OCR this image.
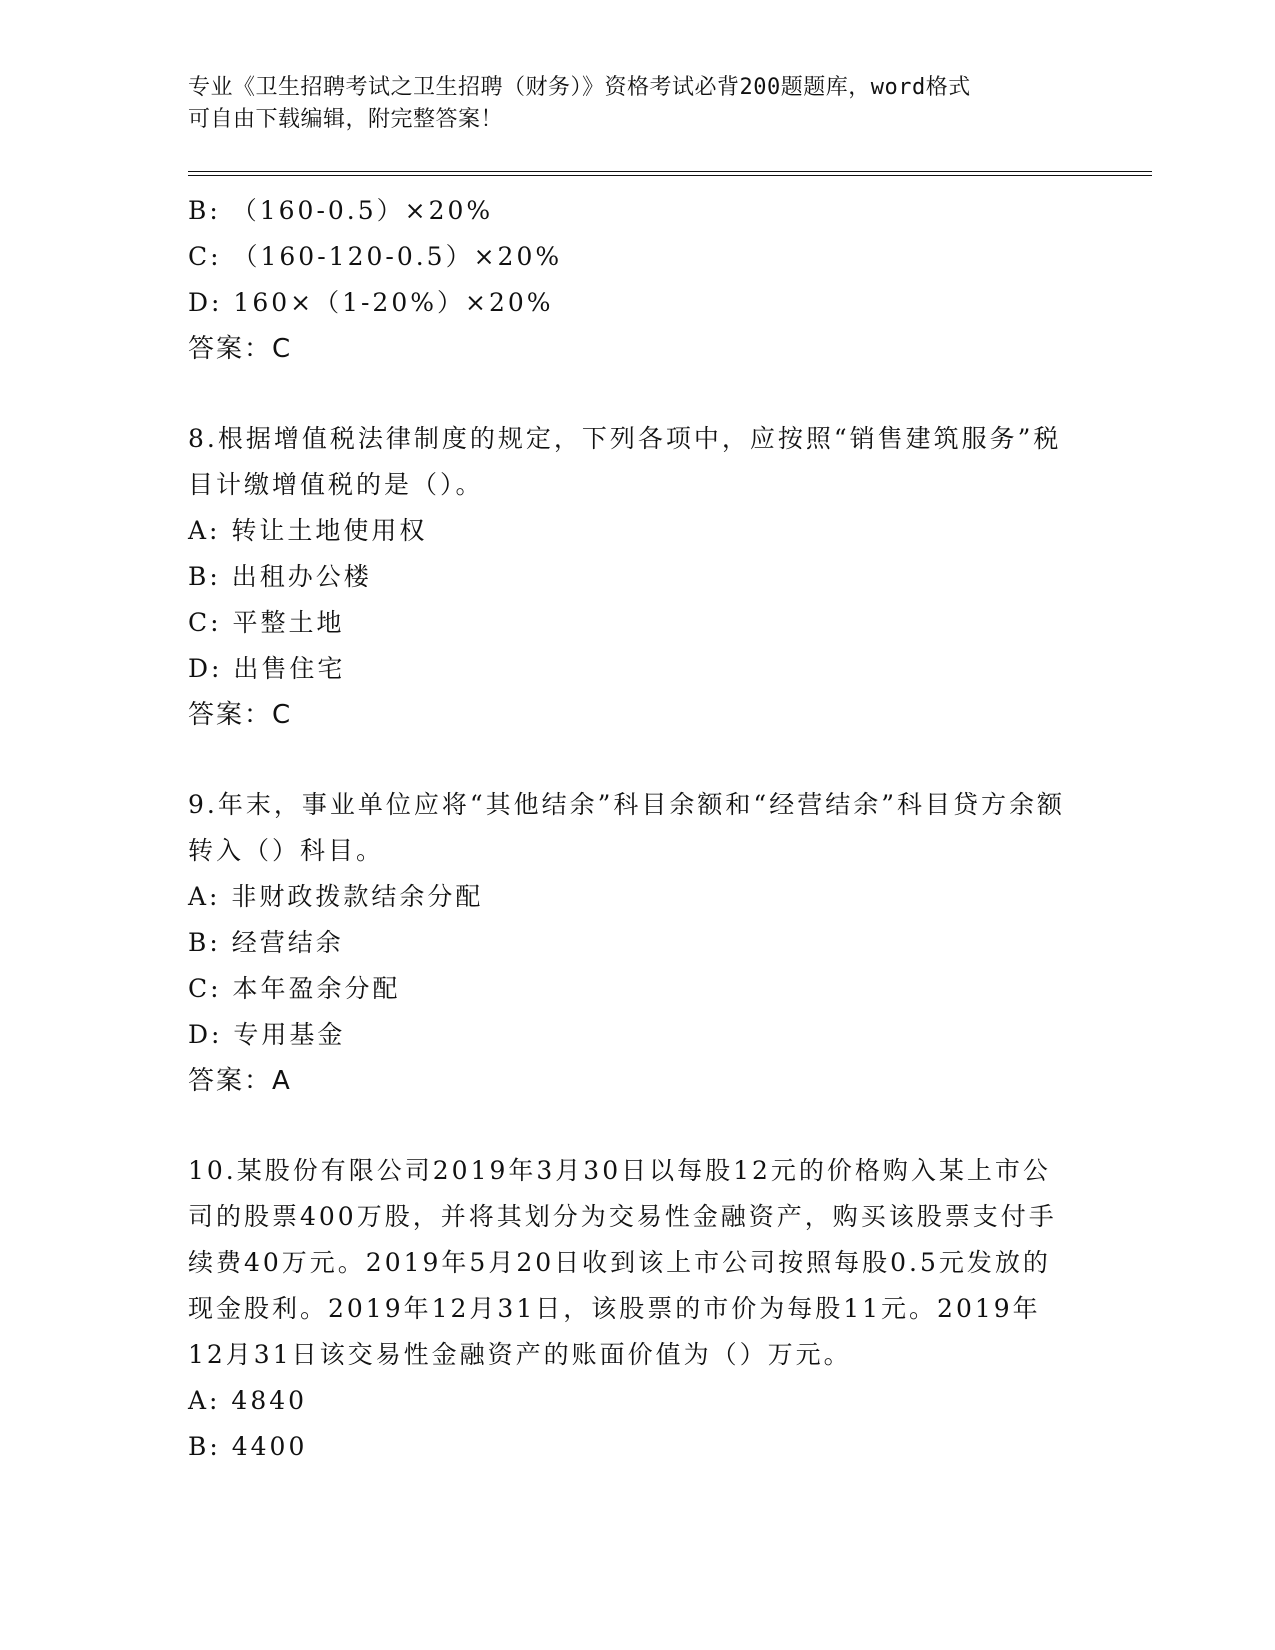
专业《卫生招聘考试之卫生招聘（财务）》资格考试必背200题题库，word格式
可自由下载编辑，附完整答案！
B: （160-0.5）×20%
C: （160-120-0.5）×20%
D: 160×（1-20%）×20%
答案：C
8.根据增值税法律制度的规定，下列各项中，应按照“销售建筑服务”税目计缴增值税的是（）。
A: 转让土地使用权
B: 出租办公楼
C: 平整土地
D: 出售住宅
答案：C
9.年末，事业单位应将“其他结余”科目余额和“经营结余”科目贷方余额转入（）科目。
A: 非财政拨款结余分配
B: 经营结余
C: 本年盈余分配
D: 专用基金
答案：A
10.某股份有限公司2019年3月30日以每股12元的价格购入某上市公司的股票400万股，并将其划分为交易性金融资产，购买该股票支付手续费40万元。2019年5月20日收到该上市公司按照每股0.5元发放的现金股利。2019年12月31日，该股票的市价为每股11元。2019年12月31日该交易性金融资产的账面价值为（）万元。
A: 4840
B: 4400
